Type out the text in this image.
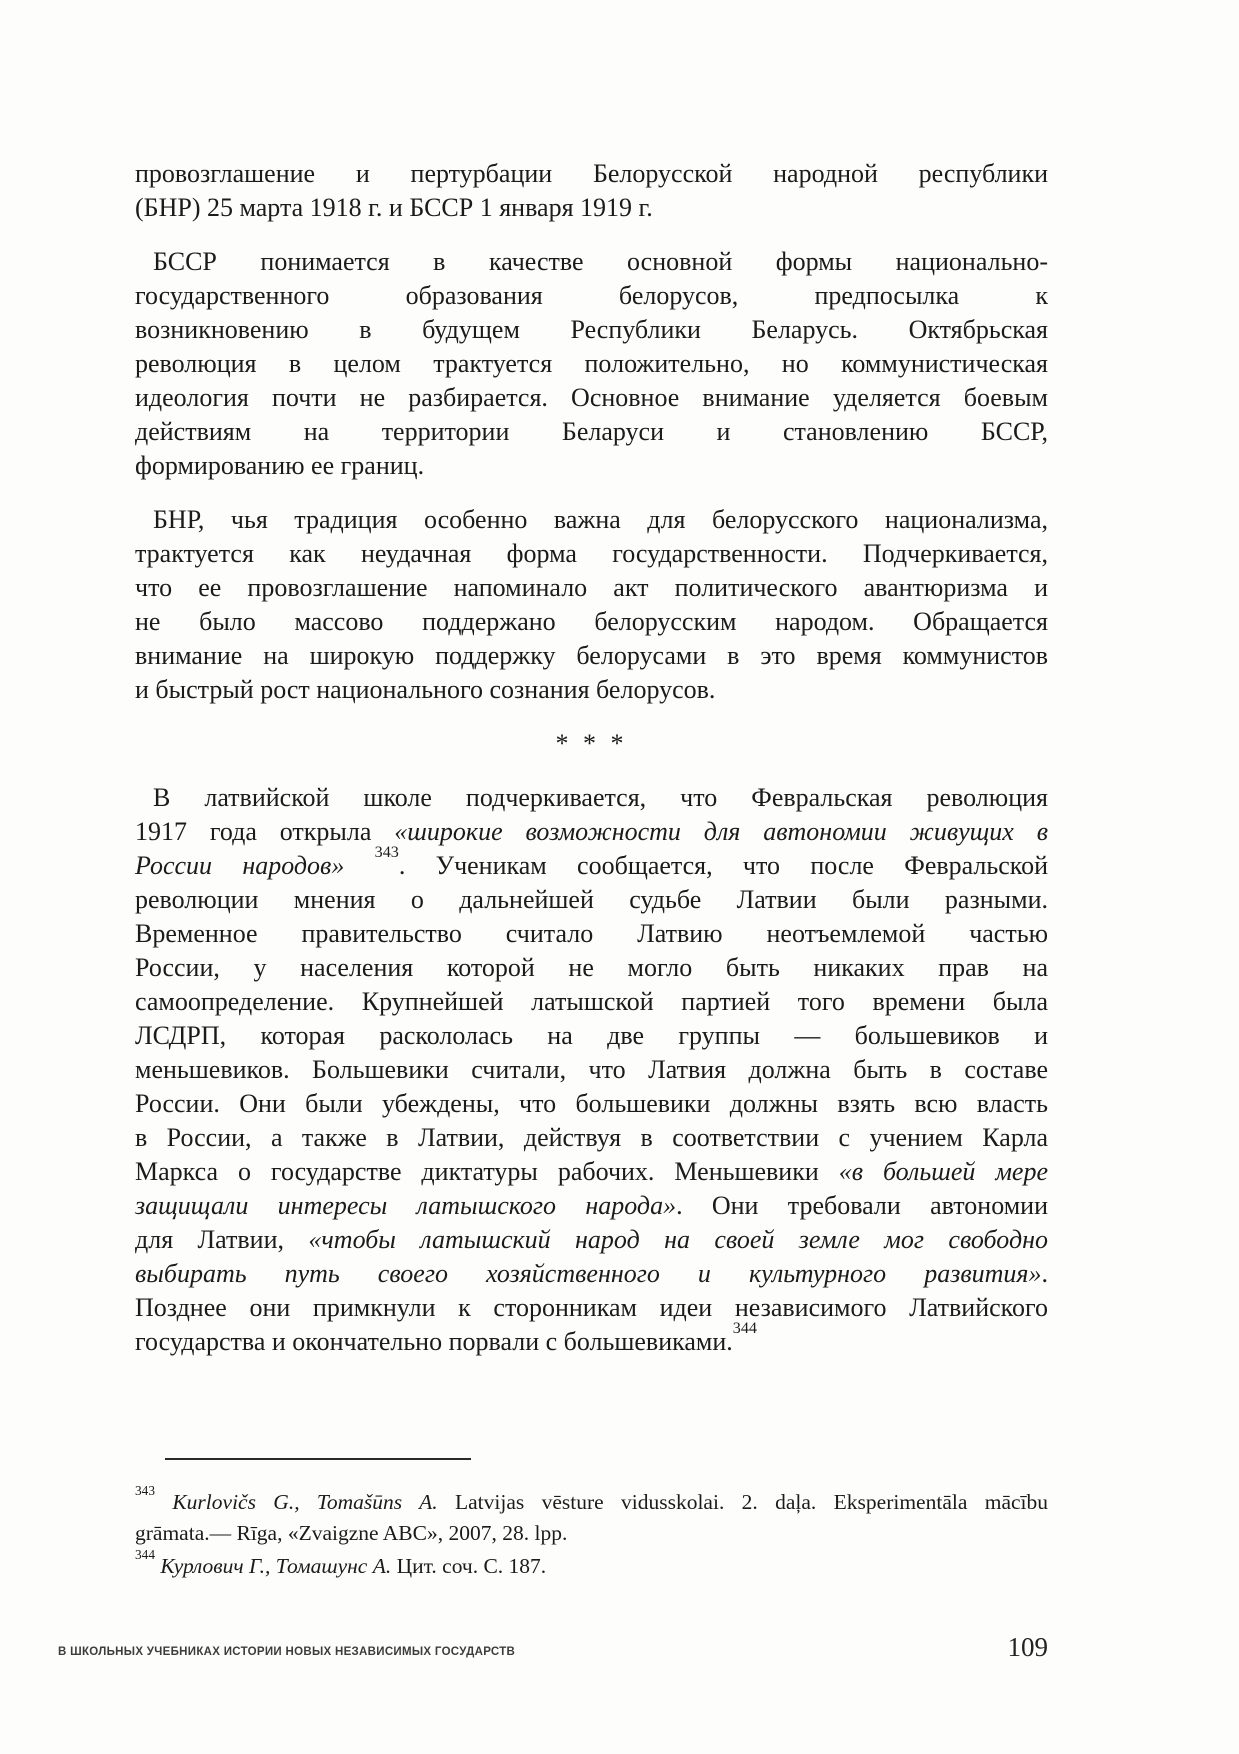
провозглашение и пертурбации Белорусской народной республики
(БНР) 25 марта 1918 г. и БССР 1 января 1919 г.
БССР понимается в качестве основной формы национально-
государственного образования белорусов, предпосылка к
возникновению в будущем Республики Беларусь. Октябрьская
революция в целом трактуется положительно, но коммунистическая
идеология почти не разбирается. Основное внимание уделяется боевым
действиям на территории Беларуси и становлению БССР,
формированию ее границ.
БНР, чья традиция особенно важна для белорусского национализма,
трактуется как неудачная форма государственности. Подчеркивается,
что ее провозглашение напоминало акт политического авантюризма и
не было массово поддержано белорусским народом. Обращается
внимание на широкую поддержку белорусами в это время коммунистов
и быстрый рост национального сознания белорусов.
* * *
В латвийской школе подчеркивается, что Февральская революция
1917 года открыла «широкие возможности для автономии живущих в
России народов» $^{343}$. Ученикам сообщается, что после Февральской
революции мнения о дальнейшей судьбе Латвии были разными.
Временное правительство считало Латвию неотъемлемой частью
России, у населения которой не могло быть никаких прав на
самоопределение. Крупнейшей латышской партией того времени была
ЛСДРП, которая раскололась на две группы — большевиков и
меньшевиков. Большевики считали, что Латвия должна быть в составе
России. Они были убеждены, что большевики должны взять всю власть
в России, а также в Латвии, действуя в соответствии с учением Карла
Маркса о государстве диктатуры рабочих. Меньшевики «в большей мере
защищали интересы латышского народа». Они требовали автономии
для Латвии, «чтобы латышский народ на своей земле мог свободно
выбирать путь своего хозяйственного и культурного развития».
Позднее они примкнули к сторонникам идеи независимого Латвийского
государства и окончательно порвали с большевиками.$^{344}$
$^{343}$ Kurlovičs G., Tomašūns A. Latvijas vēsture vidusskolai. 2. daļa. Eksperimentāla mācību
grāmata.— Rīga, «Zvaigzne ABC», 2007, 28. lpp.
$^{344}$ Курлович Г., Томашунс А. Цит. соч. С. 187.
В ШКОЛЬНЫХ УЧЕБНИКАХ ИСТОРИИ НОВЫХ НЕЗАВИСИМЫХ ГОСУДАРСТВ	109
